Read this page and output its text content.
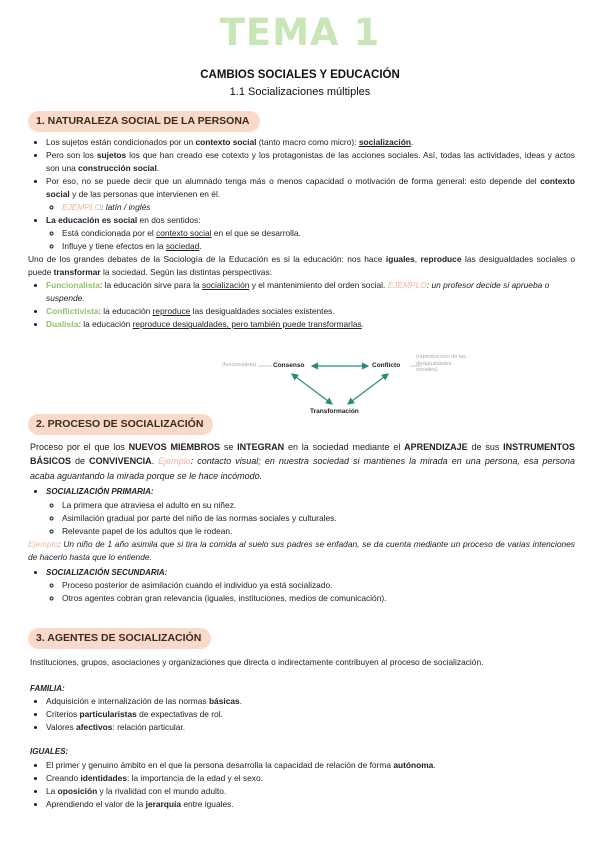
TEMA 1
CAMBIOS SOCIALES Y EDUCACIÓN
1.1 Socializaciones múltiples
1. NATURALEZA SOCIAL DE LA PERSONA
• Los sujetos están condicionados por un contexto social (tanto macro como micro): socialización.
• Pero son los sujetos los que han creado ese cotexto y los protagonistas de las acciones sociales. Así, todas las actividades, ideas y actos son una construcción social.
• Por eso, no se puede decir que un alumnado tenga más o menos capacidad o motivación de forma general: esto depende del contexto social y de las personas que intervienen en él.
◦ EJEMPLO: latín / inglés
• La educación es social en dos sentidos:
◦ Está condicionada por el contexto social en el que se desarrolla.
◦ Influye y tiene efectos en la sociedad.
Uno de los grandes debates de la Sociología de la Educación es si la educación: nos hace iguales, reproduce las desigualdades sociales o puede transformar la sociedad. Según las distintas perspectivas:
• Funcionalista: la educación sirve para la socialización y el mantenimiento del orden social. EJEMPLO: un profesor decide si aprueba o suspende.
• Conflictivista: la educación reproduce las desigualdades sociales existentes.
• Dualista: la educación reproduce desigualdades, pero también puede transformarlas.
(funcionalista)	Consenso	Conflicto
(reproducción de las desigualdades sociales)
Transformación
2. PROCESO DE SOCIALIZACIÓN
Proceso por el que los NUEVOS MIEMBROS se INTEGRAN en la sociedad mediante el APRENDIZAJE de sus INSTRUMENTOS BÁSICOS de CONVIVENCIA. Ejemplo: contacto visual; en nuestra sociedad si mantienes la mirada en una persona, esa persona acaba aguantando la mirada porque se le hace incómodo.
• SOCIALIZACIÓN PRIMARIA:
◦ La primera que atraviesa el adulto en su niñez.
◦ Asimilación gradual por parte del niño de las normas sociales y culturales.
◦ Relevante papel de los adultos que le rodean.
Ejemplo: Un niño de 1 año asimila que si tira la comida al suelo sus padres se enfadan, se da cuenta mediante un proceso de varias intenciones de hacerlo hasta que lo entiende.
• SOCIALIZACIÓN SECUNDARIA:
◦ Proceso posterior de asimilación cuando el individuo ya está socializado.
◦ Otros agentes cobran gran relevancia (iguales, instituciones, medios de comunicación).
3. AGENTES DE SOCIALIZACIÓN
Instituciones, grupos, asociaciones y organizaciones que directa o indirectamente contribuyen al proceso de socialización.
FAMILIA:
• Adquisición e internalización de las normas básicas.
• Criterios particularistas de expectativas de rol.
• Valores afectivos: relación particular.
IGUALES:
• El primer y genuino ámbito en el que la persona desarrolla la capacidad de relación de forma autónoma.
• Creando identidades: la importancia de la edad y el sexo.
• La oposición y la rivalidad con el mundo adulto.
• Aprendiendo el valor de la jerarquía entre iguales.
